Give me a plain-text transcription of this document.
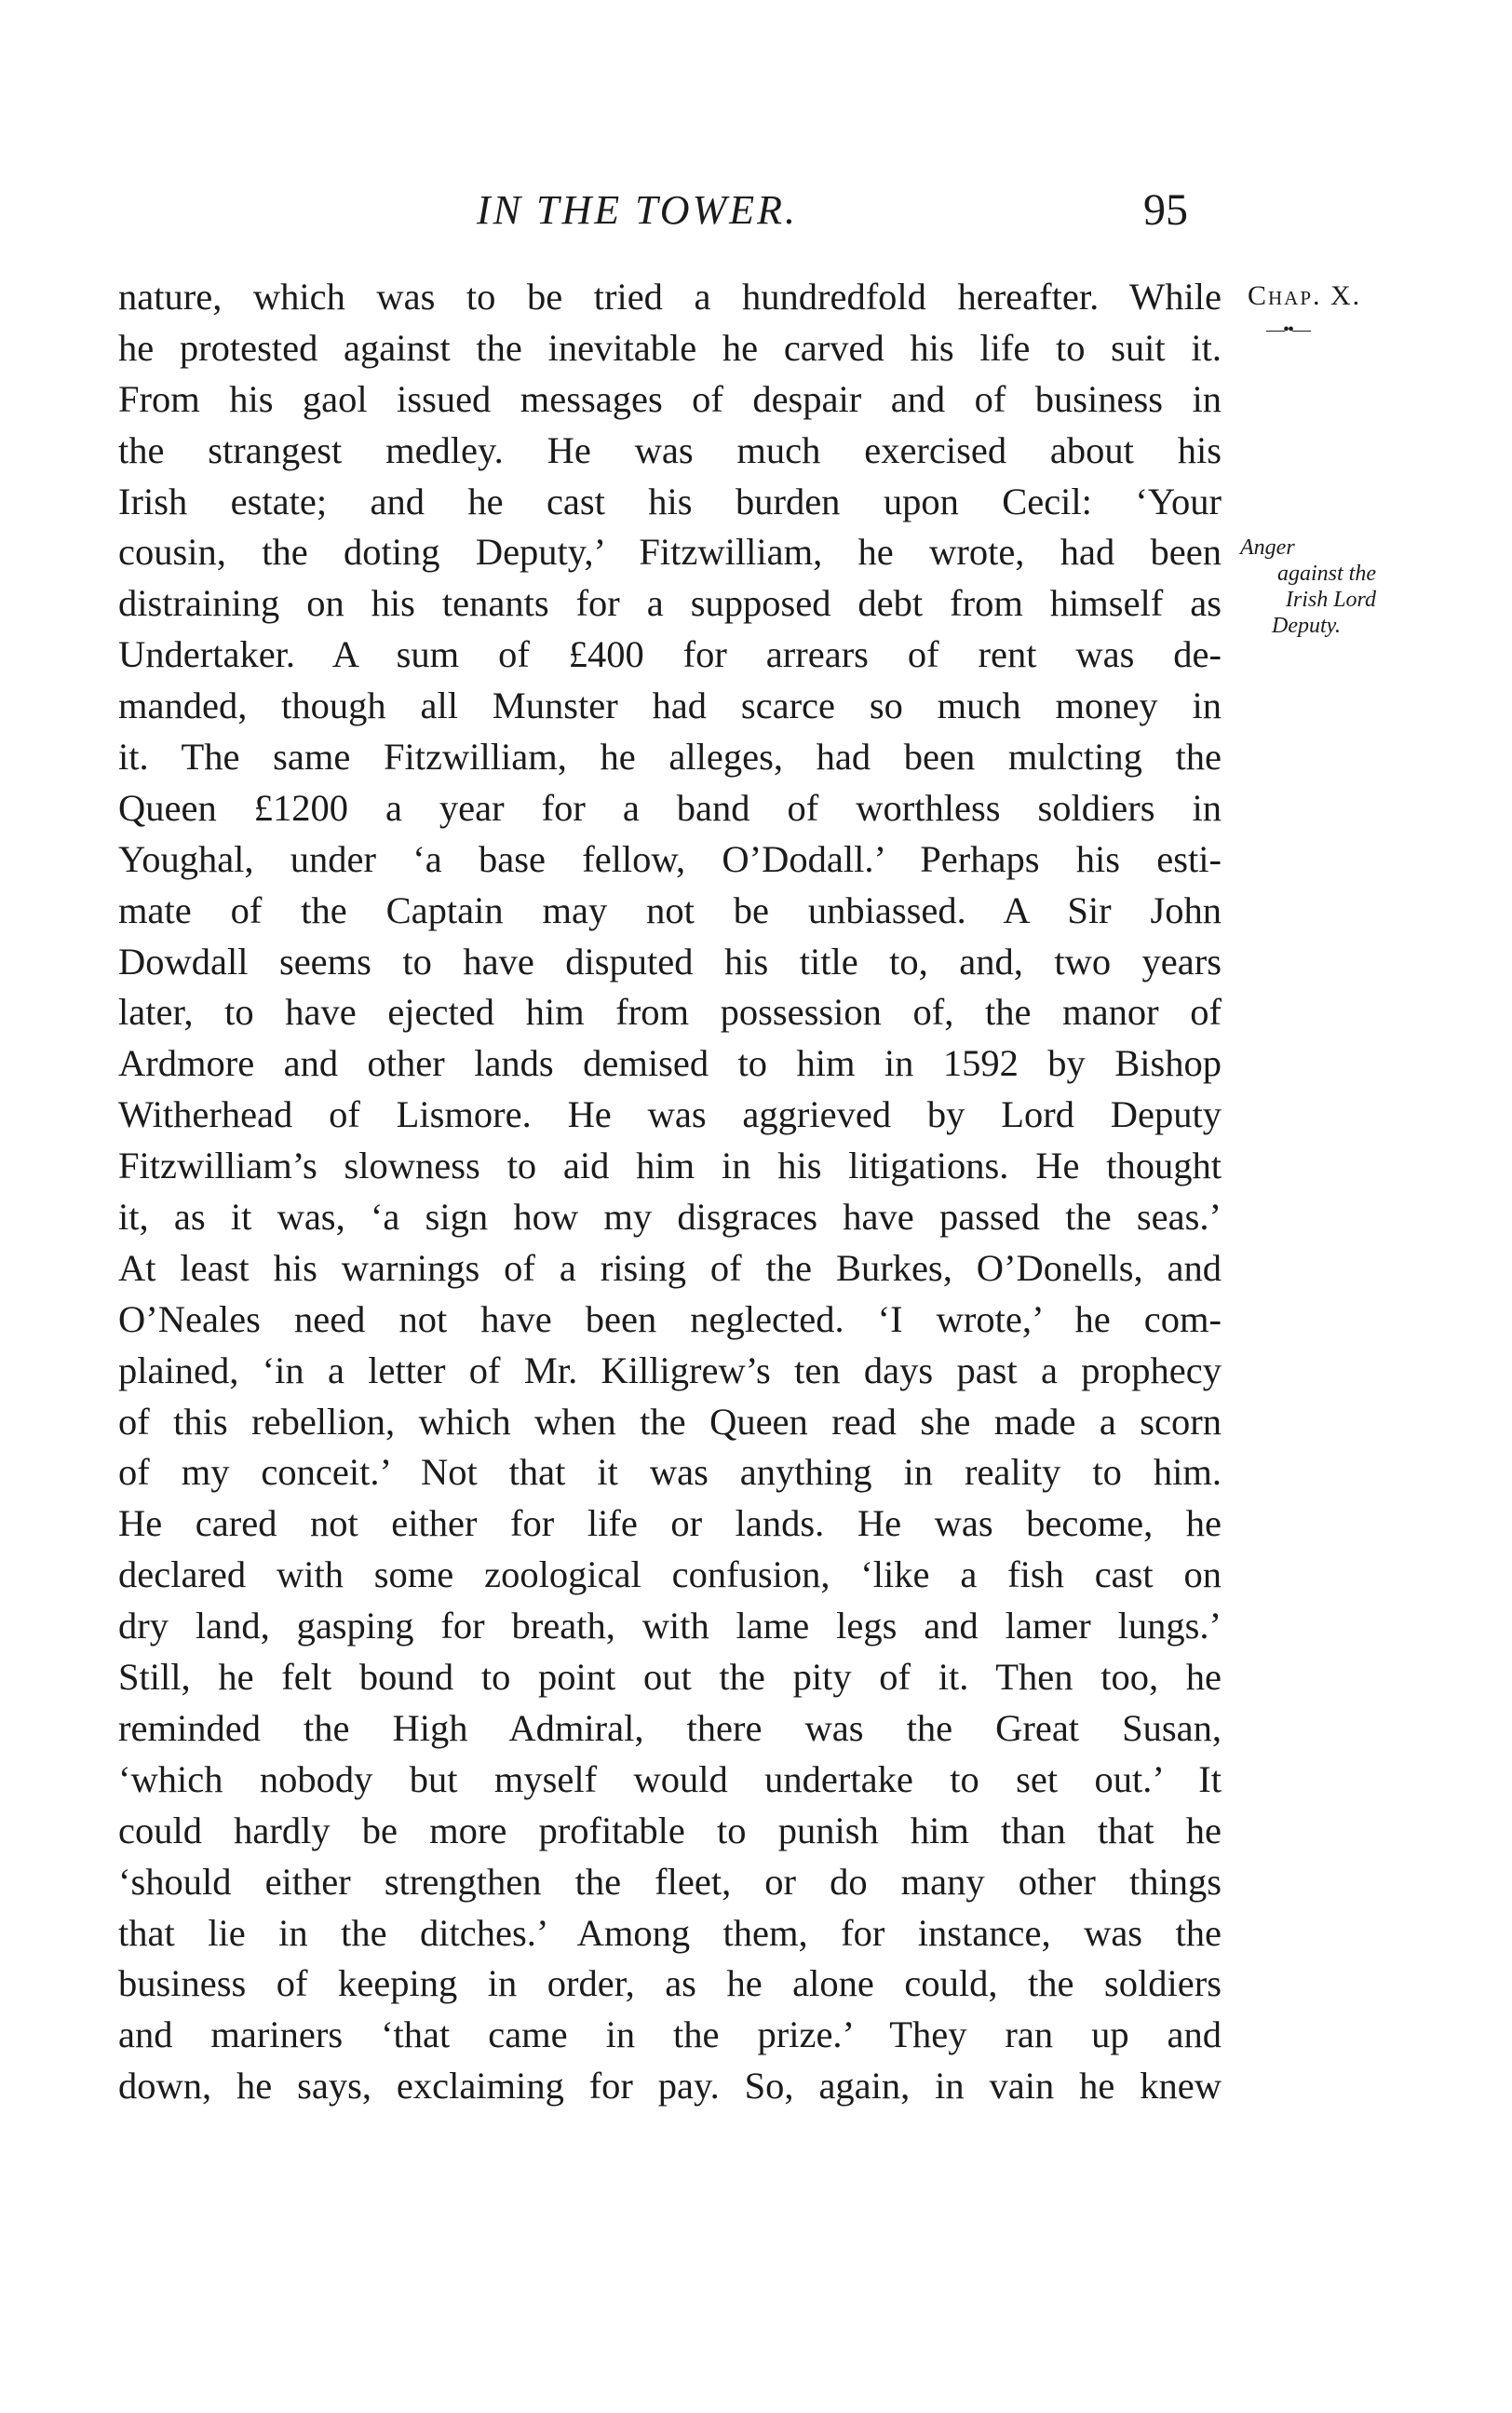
IN THE TOWER.	95
Chap. X.
—••—
Anger
against the
Irish Lord
Deputy.
nature, which was to be tried a hundredfold hereafter. While
he protested against the inevitable he carved his life to suit it.
From his gaol issued messages of despair and of business in
the strangest medley. He was much exercised about his
Irish estate; and he cast his burden upon Cecil: ‘Your
cousin, the doting Deputy,’ Fitzwilliam, he wrote, had been
distraining on his tenants for a supposed debt from himself as
Undertaker. A sum of £400 for arrears of rent was de-
manded, though all Munster had scarce so much money in
it. The same Fitzwilliam, he alleges, had been mulcting the
Queen £1200 a year for a band of worthless soldiers in
Youghal, under ‘a base fellow, O’Dodall.’ Perhaps his esti-
mate of the Captain may not be unbiassed. A Sir John
Dowdall seems to have disputed his title to, and, two years
later, to have ejected him from possession of, the manor of
Ardmore and other lands demised to him in 1592 by Bishop
Witherhead of Lismore. He was aggrieved by Lord Deputy
Fitzwilliam’s slowness to aid him in his litigations. He thought
it, as it was, ‘a sign how my disgraces have passed the seas.’
At least his warnings of a rising of the Burkes, O’Donells, and
O’Neales need not have been neglected. ‘I wrote,’ he com-
plained, ‘in a letter of Mr. Killigrew’s ten days past a prophecy
of this rebellion, which when the Queen read she made a scorn
of my conceit.’ Not that it was anything in reality to him.
He cared not either for life or lands. He was become, he
declared with some zoological confusion, ‘like a fish cast on
dry land, gasping for breath, with lame legs and lamer lungs.’
Still, he felt bound to point out the pity of it. Then too, he
reminded the High Admiral, there was the Great Susan,
‘which nobody but myself would undertake to set out.’ It
could hardly be more profitable to punish him than that he
‘should either strengthen the fleet, or do many other things
that lie in the ditches.’ Among them, for instance, was the
business of keeping in order, as he alone could, the soldiers
and mariners ‘that came in the prize.’ They ran up and
down, he says, exclaiming for pay. So, again, in vain he knew
